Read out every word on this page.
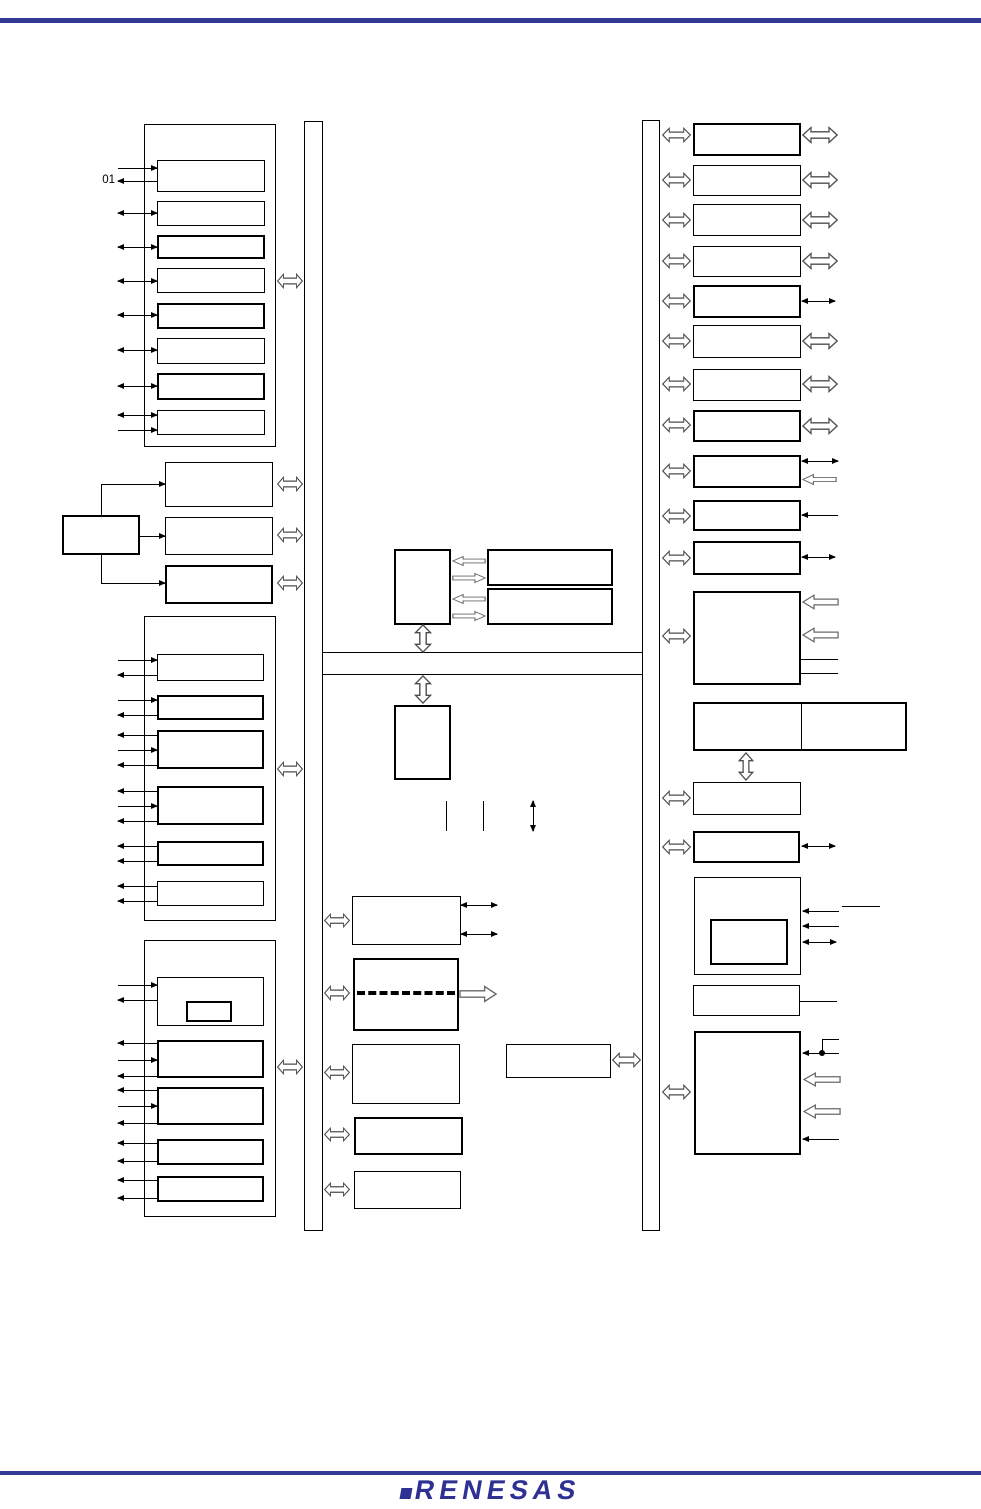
RENESAS
01
